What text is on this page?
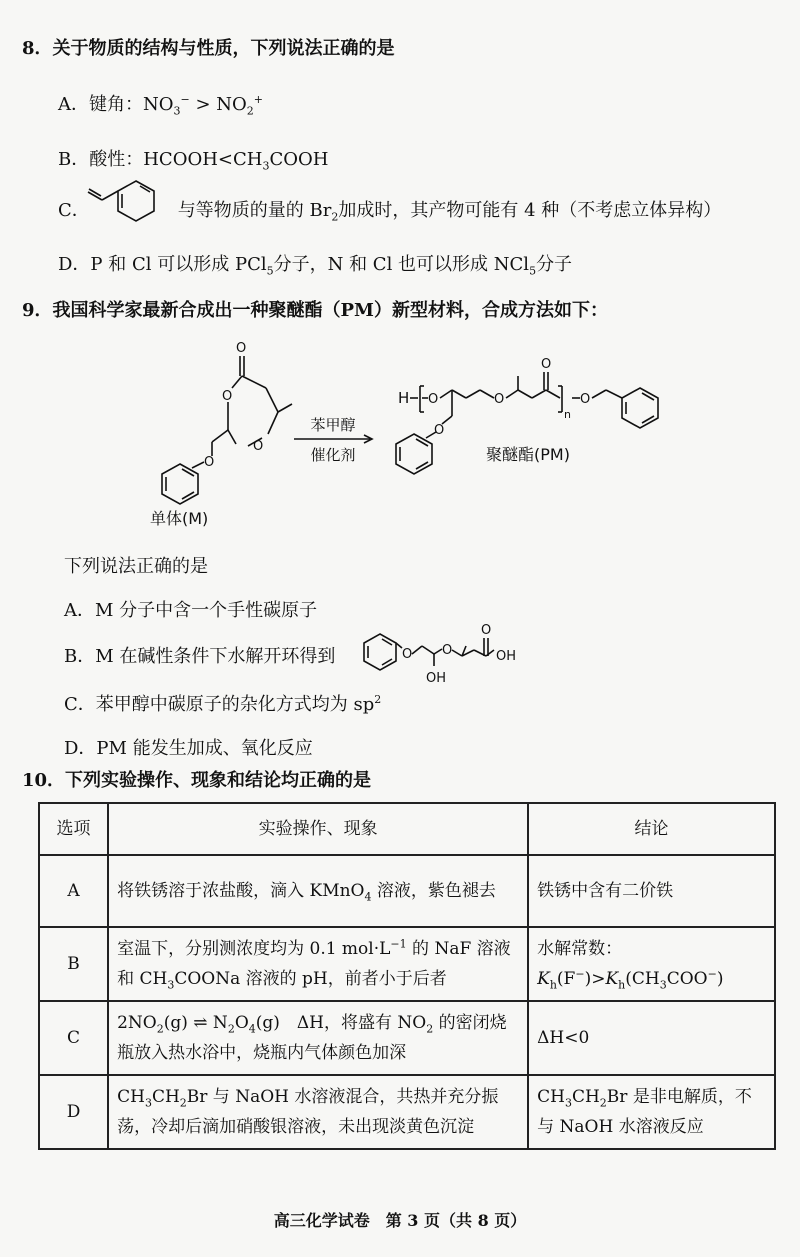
8．关于物质的结构与性质，下列说法正确的是
A．键角：$NO_3^- > NO_2^+$
B．酸性：$HCOOH<CH_3COOH$
C．	与等物质的量的 $Br_2$加成时，其产物可能有 4 种（不考虑立体异构）
D．P 和 Cl 可以形成 PCl$_5$分子，N 和 Cl 也可以形成 NCl$_5$分子
9．我国科学家最新合成出一种聚醚酯（PM）新型材料，合成方法如下：
O
O
O
O
单体(M)
苯甲醇
催化剂
H O	O
O
n
O
O
聚醚酯(PM)
下列说法正确的是
A．M 分子中含一个手性碳原子
B．M 在碱性条件下水解开环得到	O O
O
OH
OH
C．苯甲醇中碳原子的杂化方式均为 $sp^2$
D．PM 能发生加成、氧化反应
10．下列实验操作、现象和结论均正确的是
选项	实验操作、现象	结论
A	将铁锈溶于浓盐酸，滴入 KMnO$_4$ 溶液，紫色褪去	铁锈中含有二价铁
B	室温下，分别测浓度均为 0.1 $mol\cdot L^{-1}$ 的 NaF 溶液和 $CH_3COONa$ 溶液的 pH，前者小于后者	水解常数：
$K_h(F^-)>K_h(CH_3COO^-)$

C	$2NO_2(g)$ ⇌ $N_2O_4(g)$　ΔH，将盛有 $NO_2$ 的密闭烧瓶放入热水浴中，烧瓶内气体颜色加深	ΔH<0
D	$CH_3CH_2Br$ 与 NaOH 水溶液混合，共热并充分振荡，冷却后滴加硝酸银溶液，未出现淡黄色沉淀	$CH_3CH_2Br$ 是非电解质，不与 NaOH 水溶液反应
高三化学试卷　第 3 页（共 8 页）
